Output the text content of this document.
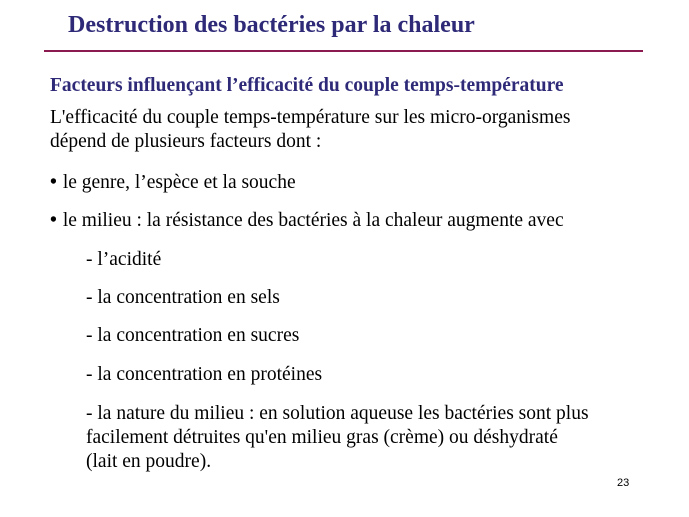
Destruction des bactéries par la chaleur
Facteurs influençant l’efficacité du couple temps-température
L'efficacité du couple temps-température sur les micro-organismes
dépend de plusieurs facteurs dont :
• le genre, l’espèce et la souche
• le milieu : la résistance des bactéries à la chaleur augmente avec
- l’acidité
- la concentration en sels
- la concentration en sucres
- la concentration en protéines
- la nature du milieu : en solution aqueuse les bactéries sont plus
facilement détruites qu'en milieu gras (crème) ou déshydraté
(lait en poudre).
23
